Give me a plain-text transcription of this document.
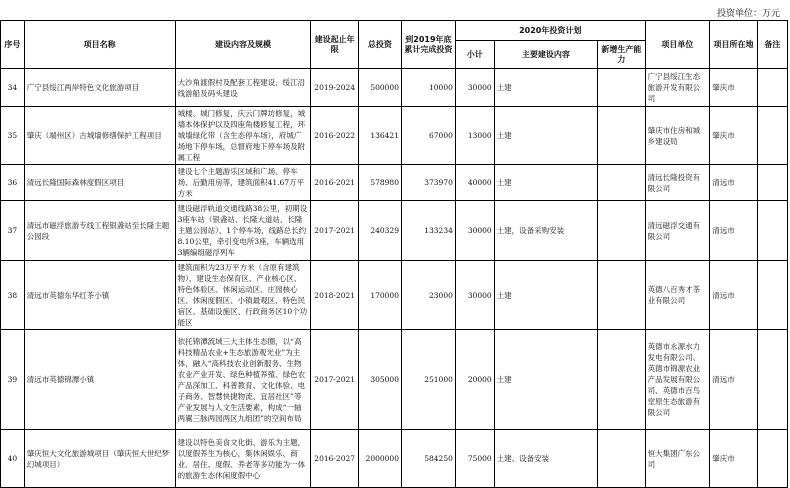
投资单位：万元
序号	项目名称	建设内容及规模	建设起止年限	总投资	到2019年底累计完成投资	2020年投资计划			项目单位	项目所在地	备注
						小计	主要建设内容	新增生产能力			
34	广宁县绥江两岸特色文化旅游项目	大沙角渡假村及配套工程建设、绥江沿线游船及码头建设	2019-2024	500000	10000	30000	土建		广宁县绥江生态旅游开发有限公司	肇庆市	
35	肇庆（端州区）古城墙修缮保护工程项目	城楼、城门修复，庆云门牌坊修复，城墙本体保护以及四座角楼修复工程，环城墙绿化带（含生态停车场），府城广场地下停车场，总督府地下停车场及附属工程	2016-2022	136421	67000	13000	土建		肇庆市住房和城乡建设局	肇庆市	
36	清远长隆国际森林度假区项目	建设七个主题游乐区域和广场、停车场、后勤用房等，建筑面积41.67万平方米	2016-2021	578980	373970	40000	土建		清远长隆投资有限公司	清远市	
37	清远市磁浮旅游专线工程银盏站至长隆主题公园段	建设磁浮轨道交通线路38公里，初期设3座车站（银盏站、长隆大道站、长隆主题公园站），1个停车场，线路总长约8.10公里，牵引变电所3座，车辆选用3辆编组磁浮列车	2017-2021	240329	133234	30000	土建，设备采购安装		清远磁浮交通有限公司	清远市	
38	清远市英德东华红茶小镇	建筑面积为23万平方米（含原有建筑物），建设生态保育区、产业核心区、特色体验区、休闲运动区、庄园核心区、休闲度假区、小镇最观区、特色民宿区、基础设施区、行政商务区10个功能区	2018-2021	170000	23000	30000	土建		英德八百秀才茶业有限公司	清远市	
39	清远市英德锦潭小镇	依托锦潭流域三大主体生态圈，以“高科技精品农业+生态旅游观光业”为主体，融入“高科技农业创新服务、生物农业产业开发、绿色种植养殖、绿色农产品深加工、科普教育、文化体验、电子商务、智慧快捷物流、宜居社区”等产业发展与人文生活要素，构成“一轴两翼三脉两园两区九组团”的空间布局	2017-2021	305000	251000	20000	土建		英德市永源水力发电有限公司、英德市锦源农业产品发展有限公司、英德市百鸟堂原生态旅游有限公司	清远市	
40	肇庆恒大文化旅游城项目（肇庆恒大世纪梦幻城项目）	建设以特色美食文化街、游乐为主题，以度假养生为核心，集休闲娱乐、商业、居住、度假、养老等多功能为一体的旅游生态休闲度假中心	2016-2027	2000000	584250	75000	土建、设备安装		恒大集团广东公司	肇庆市	
